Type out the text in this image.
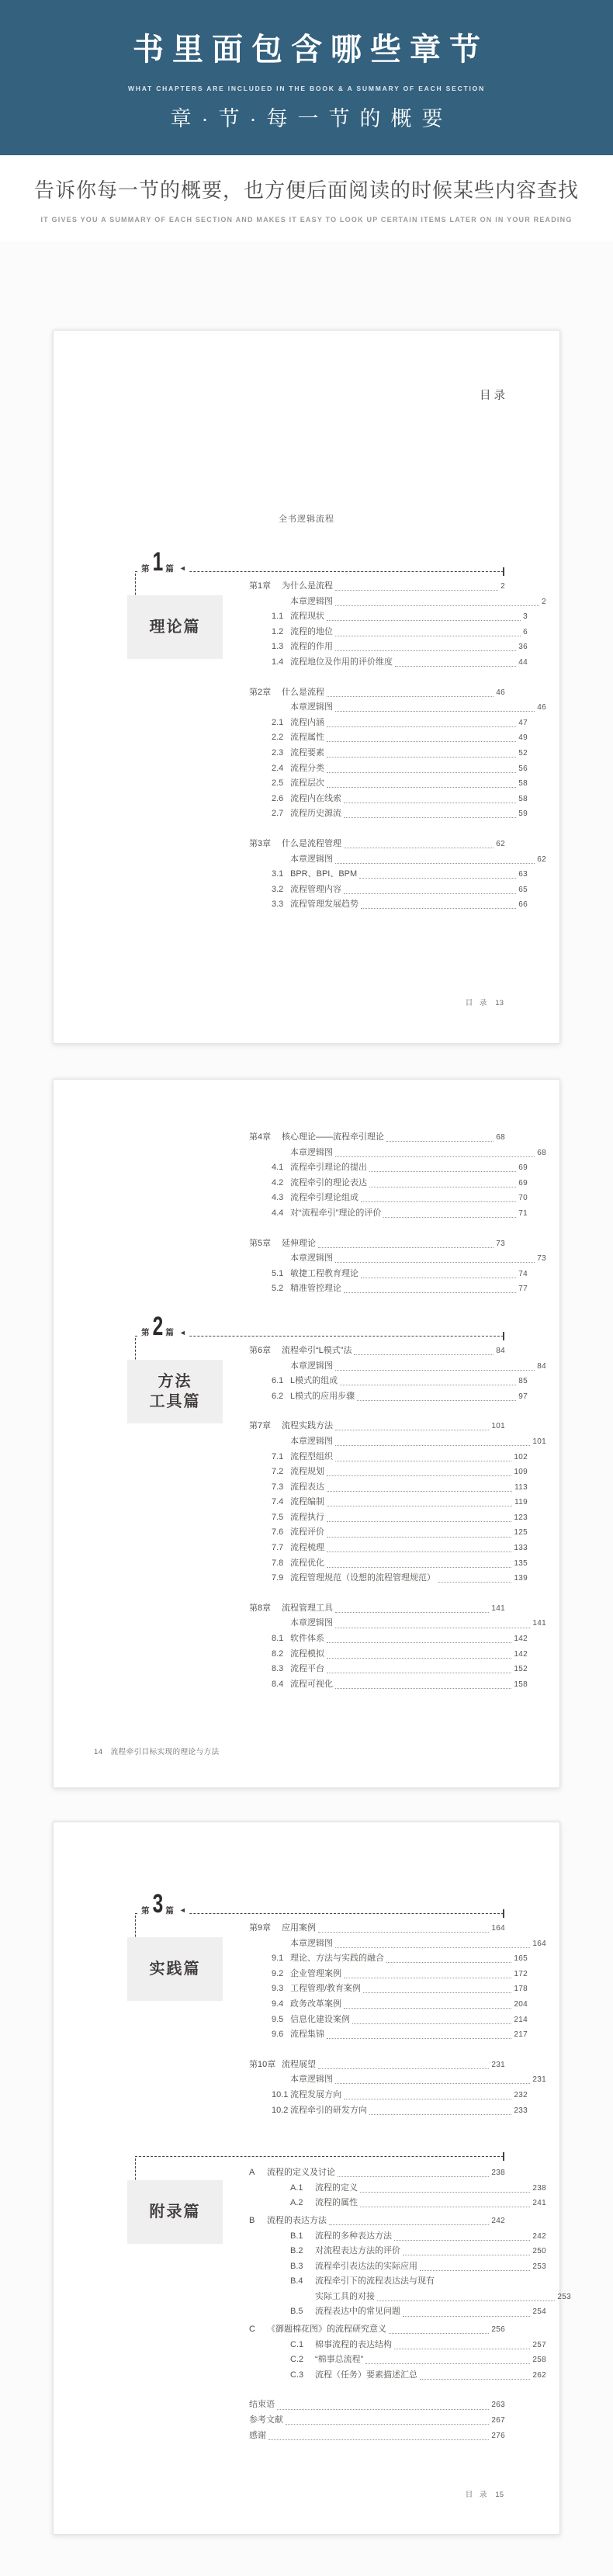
书里面包含哪些章节
WHAT CHAPTERS ARE INCLUDED IN THE BOOK & A SUMMARY OF EACH SECTION
章·节·每一节的概要
告诉你每一节的概要，也方便后面阅读的时候某些内容查找
IT GIVES YOU A SUMMARY OF EACH SECTION AND MAKES IT EASY TO LOOK UP CERTAIN ITEMS LATER ON IN YOUR READING
目录
全书逻辑流程
第 1 篇 ◄
理论篇
第1章	为什么是流程	2
本章逻辑图	2
1.1 流程现状	3
1.2 流程的地位	6
1.3 流程的作用	36
1.4 流程地位及作用的评价维度	44
第2章	什么是流程	46
本章逻辑图	46
2.1 流程内涵	47
2.2 流程属性	49
2.3 流程要素	52
2.4 流程分类	56
2.5 流程层次	58
2.6 流程内在线索	58
2.7 流程历史源流	59
第3章	什么是流程管理	62
本章逻辑图	62
3.1 BPR、BPI、BPM	63
3.2 流程管理内容	65
3.3 流程管理发展趋势	66
目 录 13
第4章	核心理论——流程牵引理论	68
本章逻辑图	68
4.1 流程牵引理论的提出	69
4.2 流程牵引的理论表达	69
4.3 流程牵引理论组成	70
4.4 对“流程牵引”理论的评价	71
第5章	延伸理论	73
本章逻辑图	73
5.1 敏捷工程教育理论	74
5.2 精准管控理论	77
第 2 篇 ◄
方法
工具篇
第6章	流程牵引“L模式”法	84
本章逻辑图	84
6.1 L模式的组成	85
6.2 L模式的应用步骤	97
第7章	流程实践方法	101
本章逻辑图	101
7.1 流程型组织	102
7.2 流程规划	109
7.3 流程表达	113
7.4 流程编制	119
7.5 流程执行	123
7.6 流程评价	125
7.7 流程梳理	133
7.8 流程优化	135
7.9 流程管理规范（设想的流程管理规范）	139
第8章	流程管理工具	141
本章逻辑图	141
8.1 软件体系	142
8.2 流程模拟	142
8.3 流程平台	152
8.4 流程可视化	158
14 流程牵引目标实现的理论与方法
第 3 篇 ◄
实践篇
第9章	应用案例	164
本章逻辑图	164
9.1 理论、方法与实践的融合	165
9.2 企业管理案例	172
9.3 工程管理/教育案例	178
9.4 政务改革案例	204
9.5 信息化建设案例	214
9.6 流程集锦	217
第10章 流程展望	231
本章逻辑图	231
10.1 流程发展方向	232
10.2 流程牵引的研发方向	233
附录篇
A	流程的定义及讨论	238
A.1	流程的定义	238
A.2	流程的属性	241
B	流程的表达方法	242
B.1	流程的多种表达方法	242
B.2	对流程表达方法的评价	250
B.3	流程牵引表达法的实际应用	253
B.4	流程牵引下的流程表达法与现有
实际工具的对接	253
B.5	流程表达中的常见问题	254
C	《御题棉花图》的流程研究意义	256
C.1	棉事流程的表达结构	257
C.2	“棉事总流程”	258
C.3	流程（任务）要素描述汇总	262
结束语	263
参考文献	267
感谢	276
目 录 15
